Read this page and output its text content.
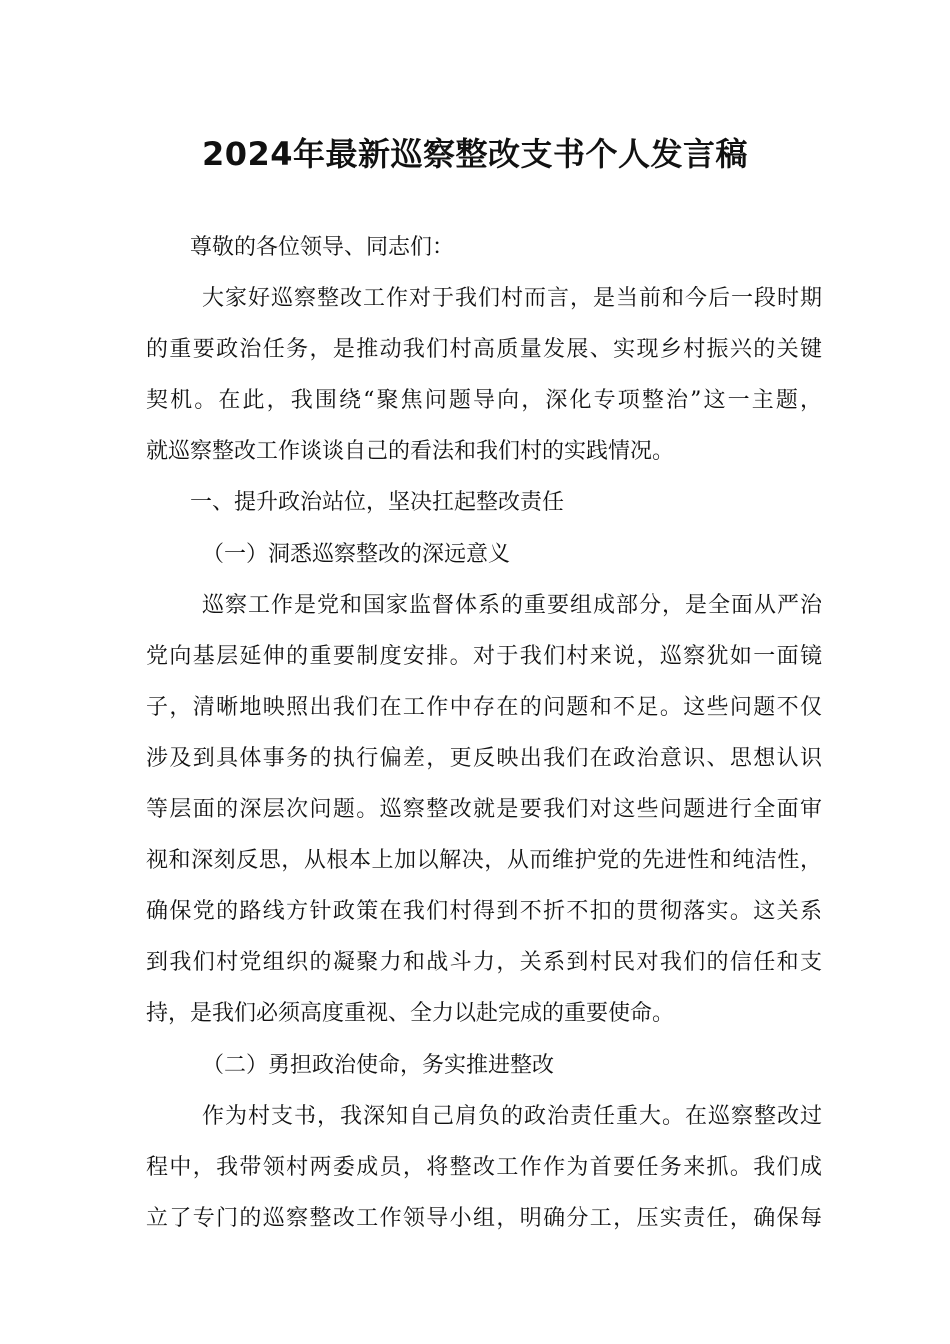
2024年最新巡察整改支书个人发言稿
尊敬的各位领导、同志们：
大家好巡察整改工作对于我们村而言，是当前和今后一段时期
的重要政治任务，是推动我们村高质量发展、实现乡村振兴的关键
契机。在此，我围绕“聚焦问题导向，深化专项整治”这一主题，
就巡察整改工作谈谈自己的看法和我们村的实践情况。
一、提升政治站位，坚决扛起整改责任
（一）洞悉巡察整改的深远意义
巡察工作是党和国家监督体系的重要组成部分，是全面从严治
党向基层延伸的重要制度安排。对于我们村来说，巡察犹如一面镜
子，清晰地映照出我们在工作中存在的问题和不足。这些问题不仅
涉及到具体事务的执行偏差，更反映出我们在政治意识、思想认识
等层面的深层次问题。巡察整改就是要我们对这些问题进行全面审
视和深刻反思，从根本上加以解决，从而维护党的先进性和纯洁性，
确保党的路线方针政策在我们村得到不折不扣的贯彻落实。这关系
到我们村党组织的凝聚力和战斗力，关系到村民对我们的信任和支
持，是我们必须高度重视、全力以赴完成的重要使命。
（二）勇担政治使命，务实推进整改
作为村支书，我深知自己肩负的政治责任重大。在巡察整改过
程中，我带领村两委成员，将整改工作作为首要任务来抓。我们成
立了专门的巡察整改工作领导小组，明确分工，压实责任，确保每
